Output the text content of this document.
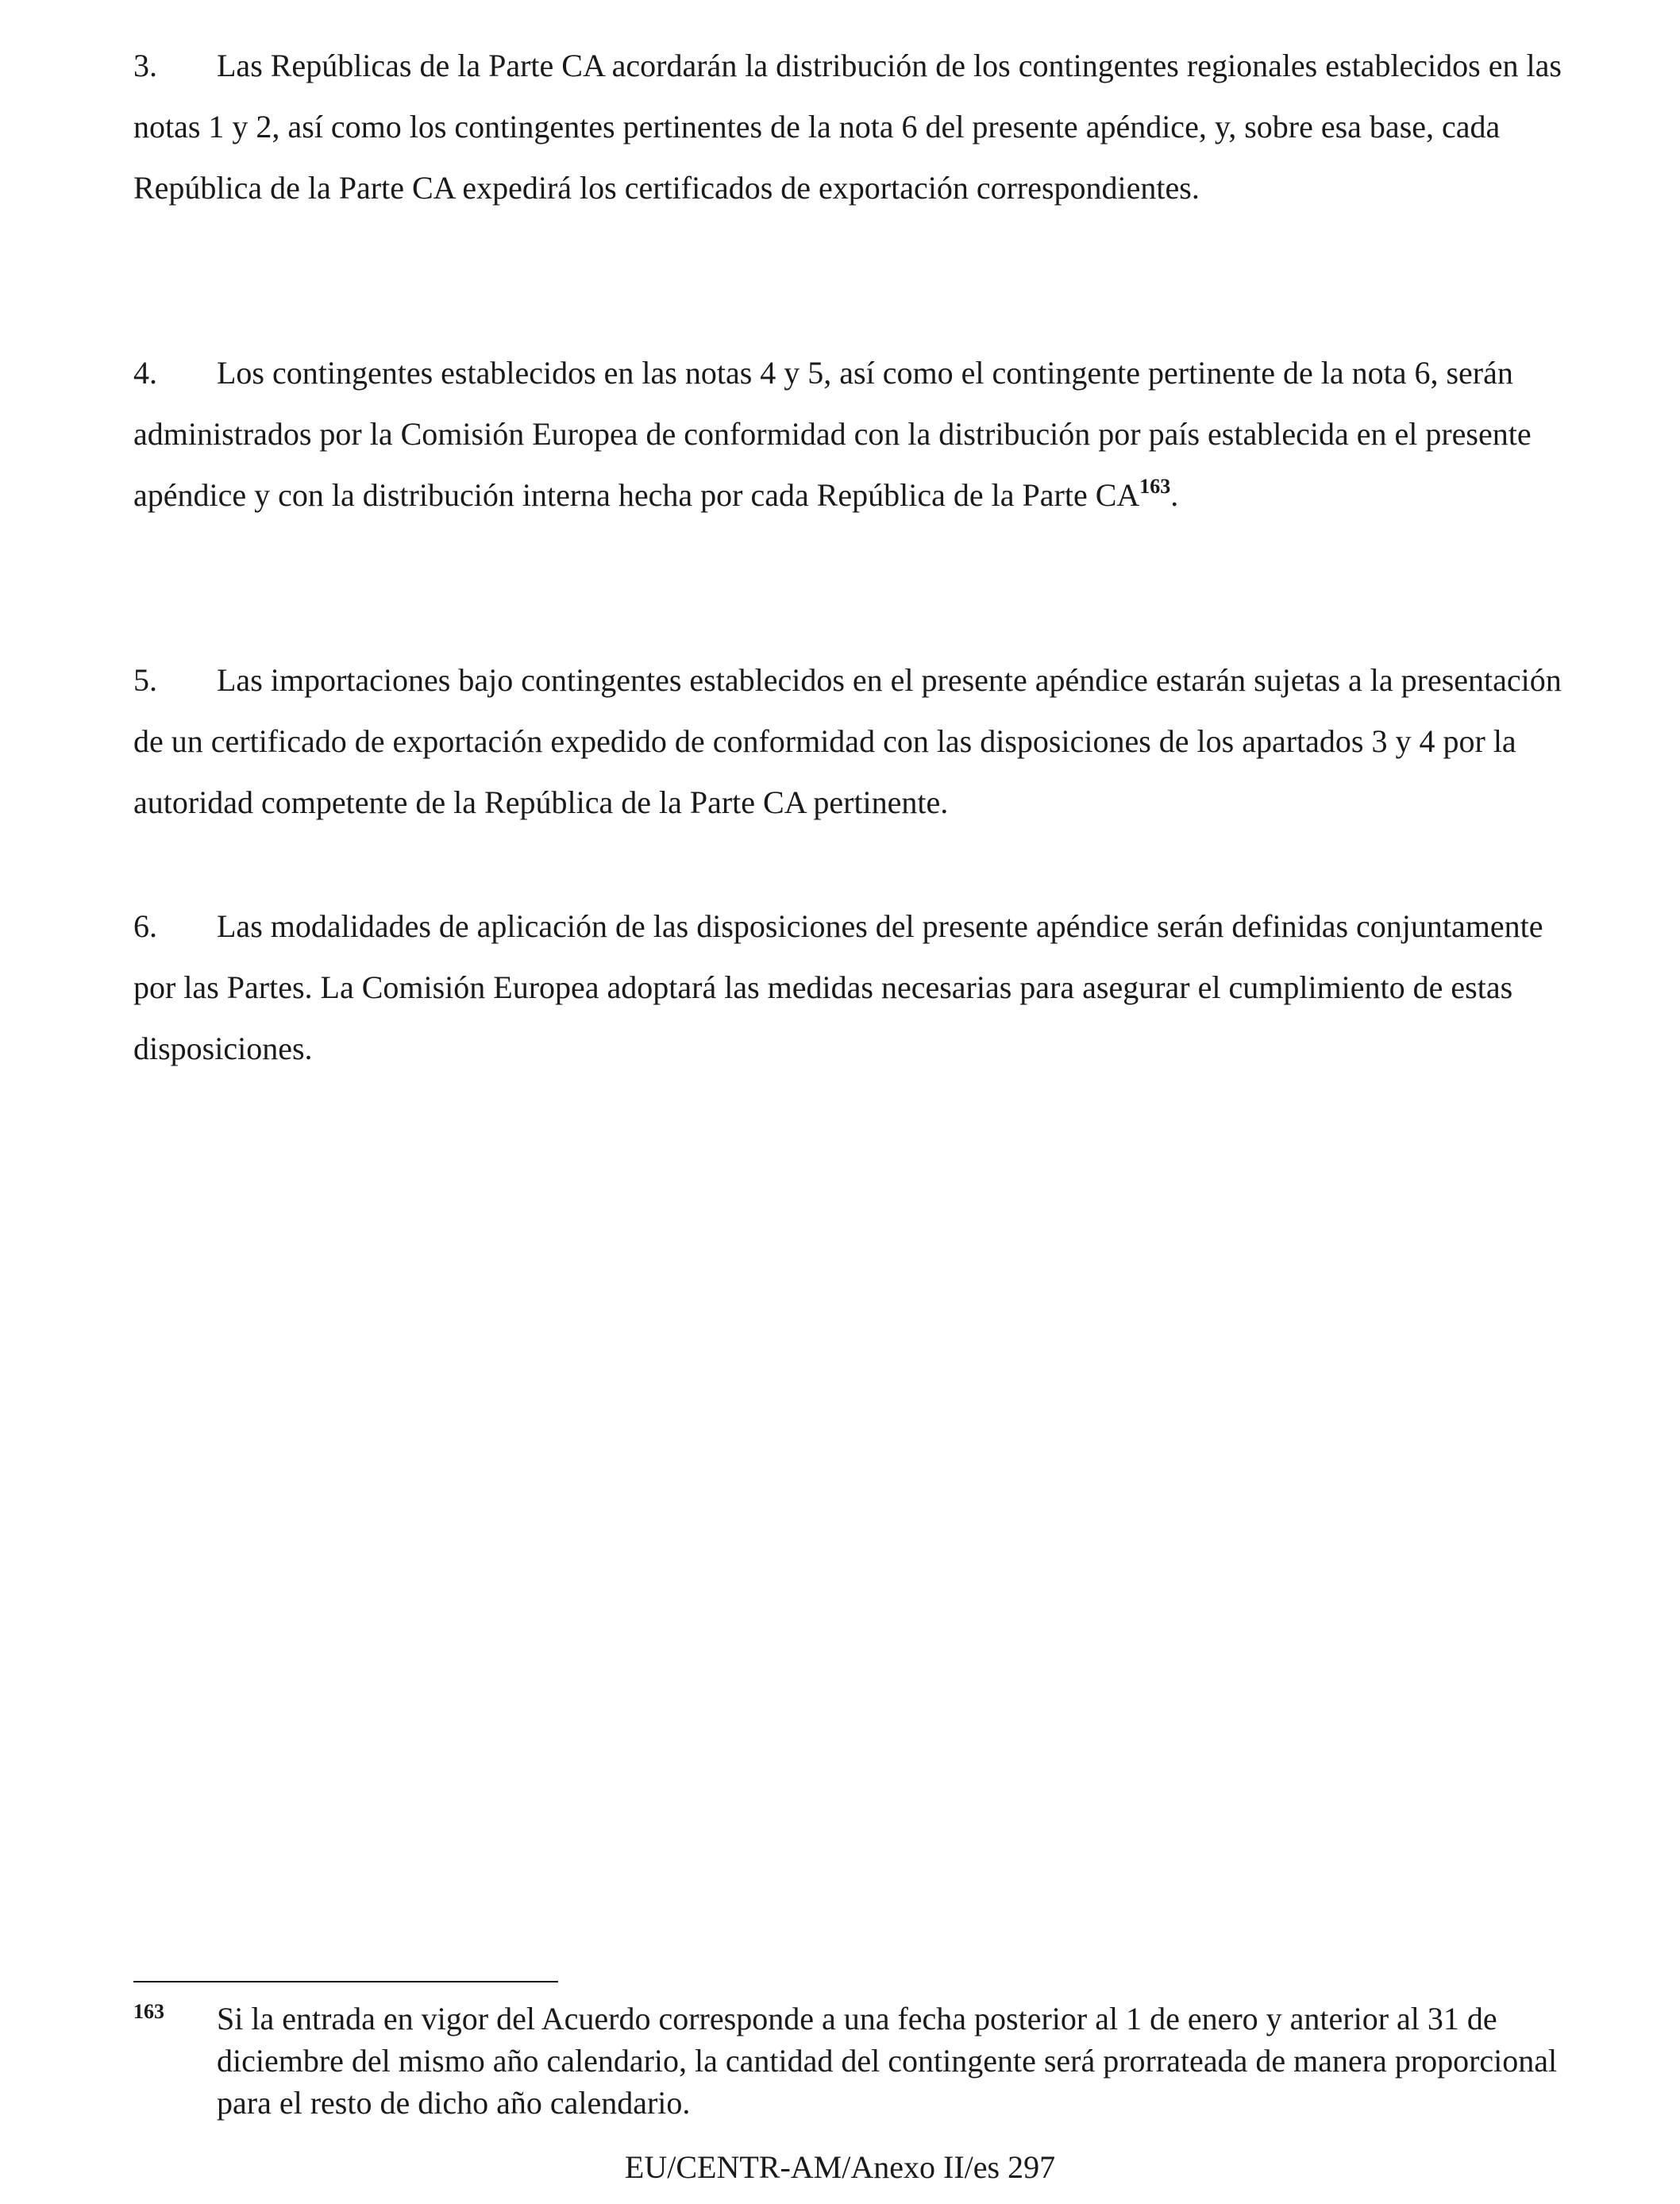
3. Las Repúblicas de la Parte CA acordarán la distribución de los contingentes regionales establecidos en las notas 1 y 2, así como los contingentes pertinentes de la nota 6 del presente apéndice, y, sobre esa base, cada República de la Parte CA expedirá los certificados de exportación correspondientes.

4. Los contingentes establecidos en las notas 4 y 5, así como el contingente pertinente de la nota 6, serán administrados por la Comisión Europea de conformidad con la distribución por país establecida en el presente apéndice y con la distribución interna hecha por cada República de la Parte CA$^{163}$.

5. Las importaciones bajo contingentes establecidos en el presente apéndice estarán sujetas a la presentación de un certificado de exportación expedido de conformidad con las disposiciones de los apartados 3 y 4 por la autoridad competente de la República de la Parte CA pertinente.

6. Las modalidades de aplicación de las disposiciones del presente apéndice serán definidas conjuntamente por las Partes. La Comisión Europea adoptará las medidas necesarias para asegurar el cumplimiento de estas disposiciones.

163 Si la entrada en vigor del Acuerdo corresponde a una fecha posterior al 1 de enero y anterior al 31 de diciembre del mismo año calendario, la cantidad del contingente será prorrateada de manera proporcional para el resto de dicho año calendario.
EU/CENTR-AM/Anexo II/es 297
